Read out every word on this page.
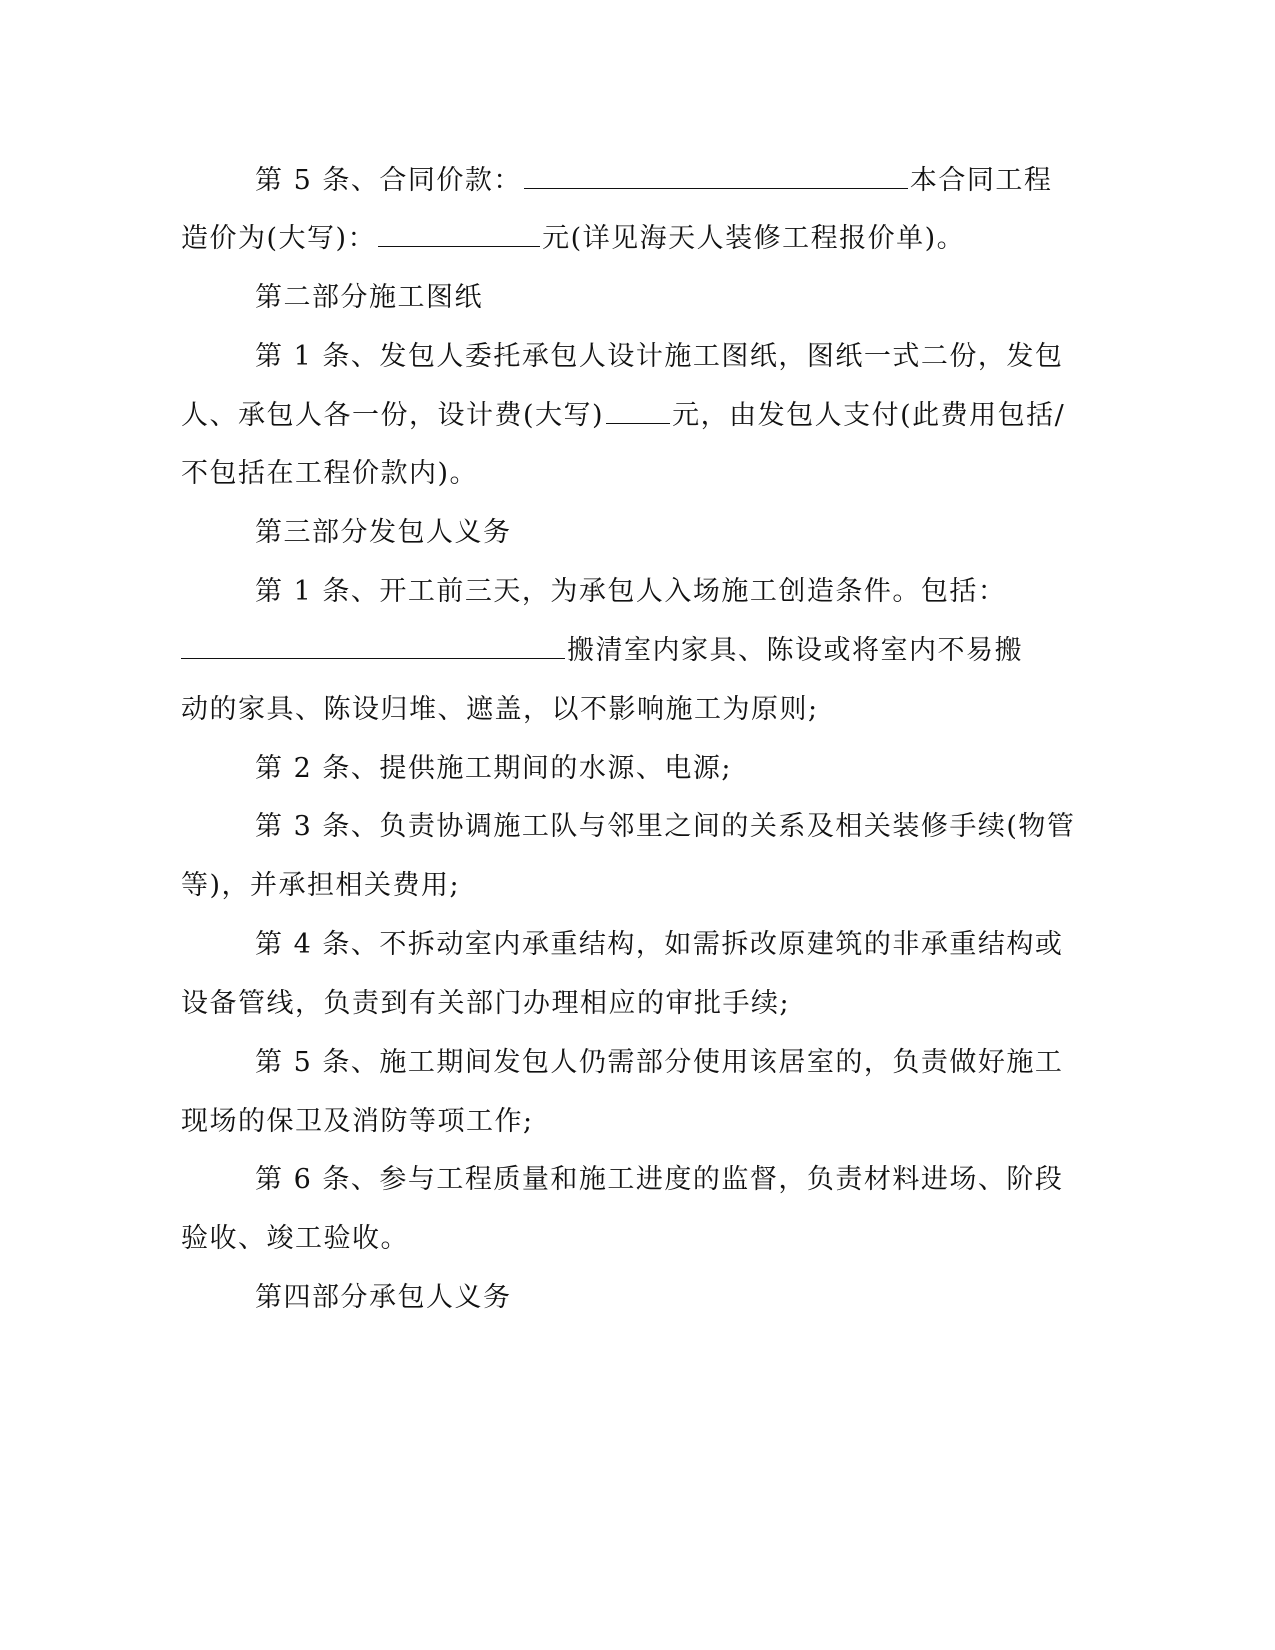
第 5 条、合同价款：	本合同工程
造价为(大写)：	元(详见海天人装修工程报价单)。
第二部分施工图纸
第 1 条、发包人委托承包人设计施工图纸，图纸一式二份，发包
人、承包人各一份，设计费(大写)	元，由发包人支付(此费用包括/
不包括在工程价款内)。
第三部分发包人义务
第 1 条、开工前三天，为承包人入场施工创造条件。包括：
搬清室内家具、陈设或将室内不易搬
动的家具、陈设归堆、遮盖，以不影响施工为原则;
第 2 条、提供施工期间的水源、电源;
第 3 条、负责协调施工队与邻里之间的关系及相关装修手续(物管
等)，并承担相关费用;
第 4 条、不拆动室内承重结构，如需拆改原建筑的非承重结构或
设备管线，负责到有关部门办理相应的审批手续;
第 5 条、施工期间发包人仍需部分使用该居室的，负责做好施工
现场的保卫及消防等项工作;
第 6 条、参与工程质量和施工进度的监督，负责材料进场、阶段
验收、竣工验收。
第四部分承包人义务
